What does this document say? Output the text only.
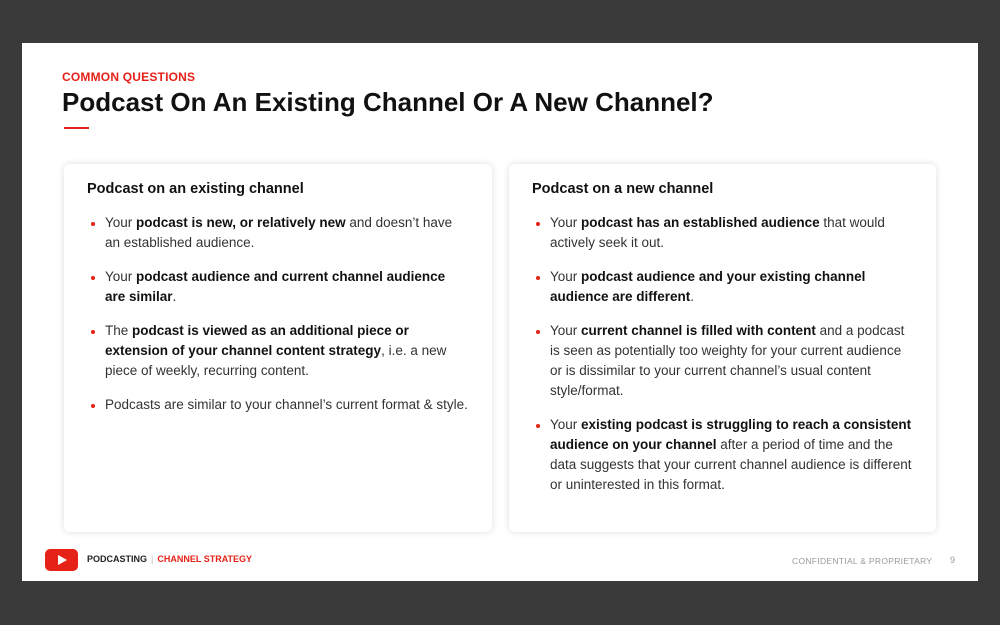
COMMON QUESTIONS
Podcast On An Existing Channel Or A New Channel?
Podcast on an existing channel
Your podcast is new, or relatively new and doesn’t have an established audience.
Your podcast audience and current channel audience are similar.
The podcast is viewed as an additional piece or extension of your channel content strategy, i.e. a new piece of weekly, recurring content.
Podcasts are similar to your channel’s current format & style.
Podcast on a new channel
Your podcast has an established audience that would actively seek it out.
Your podcast audience and your existing channel audience are different.
Your current channel is filled with content and a podcast is seen as potentially too weighty for your current audience or is dissimilar to your current channel’s usual content style/format.
Your existing podcast is struggling to reach a consistent audience on your channel after a period of time and the data suggests that your current channel audience is different or uninterested in this format.
PODCASTING | CHANNEL STRATEGY	CONFIDENTIAL & PROPRIETARY 9
